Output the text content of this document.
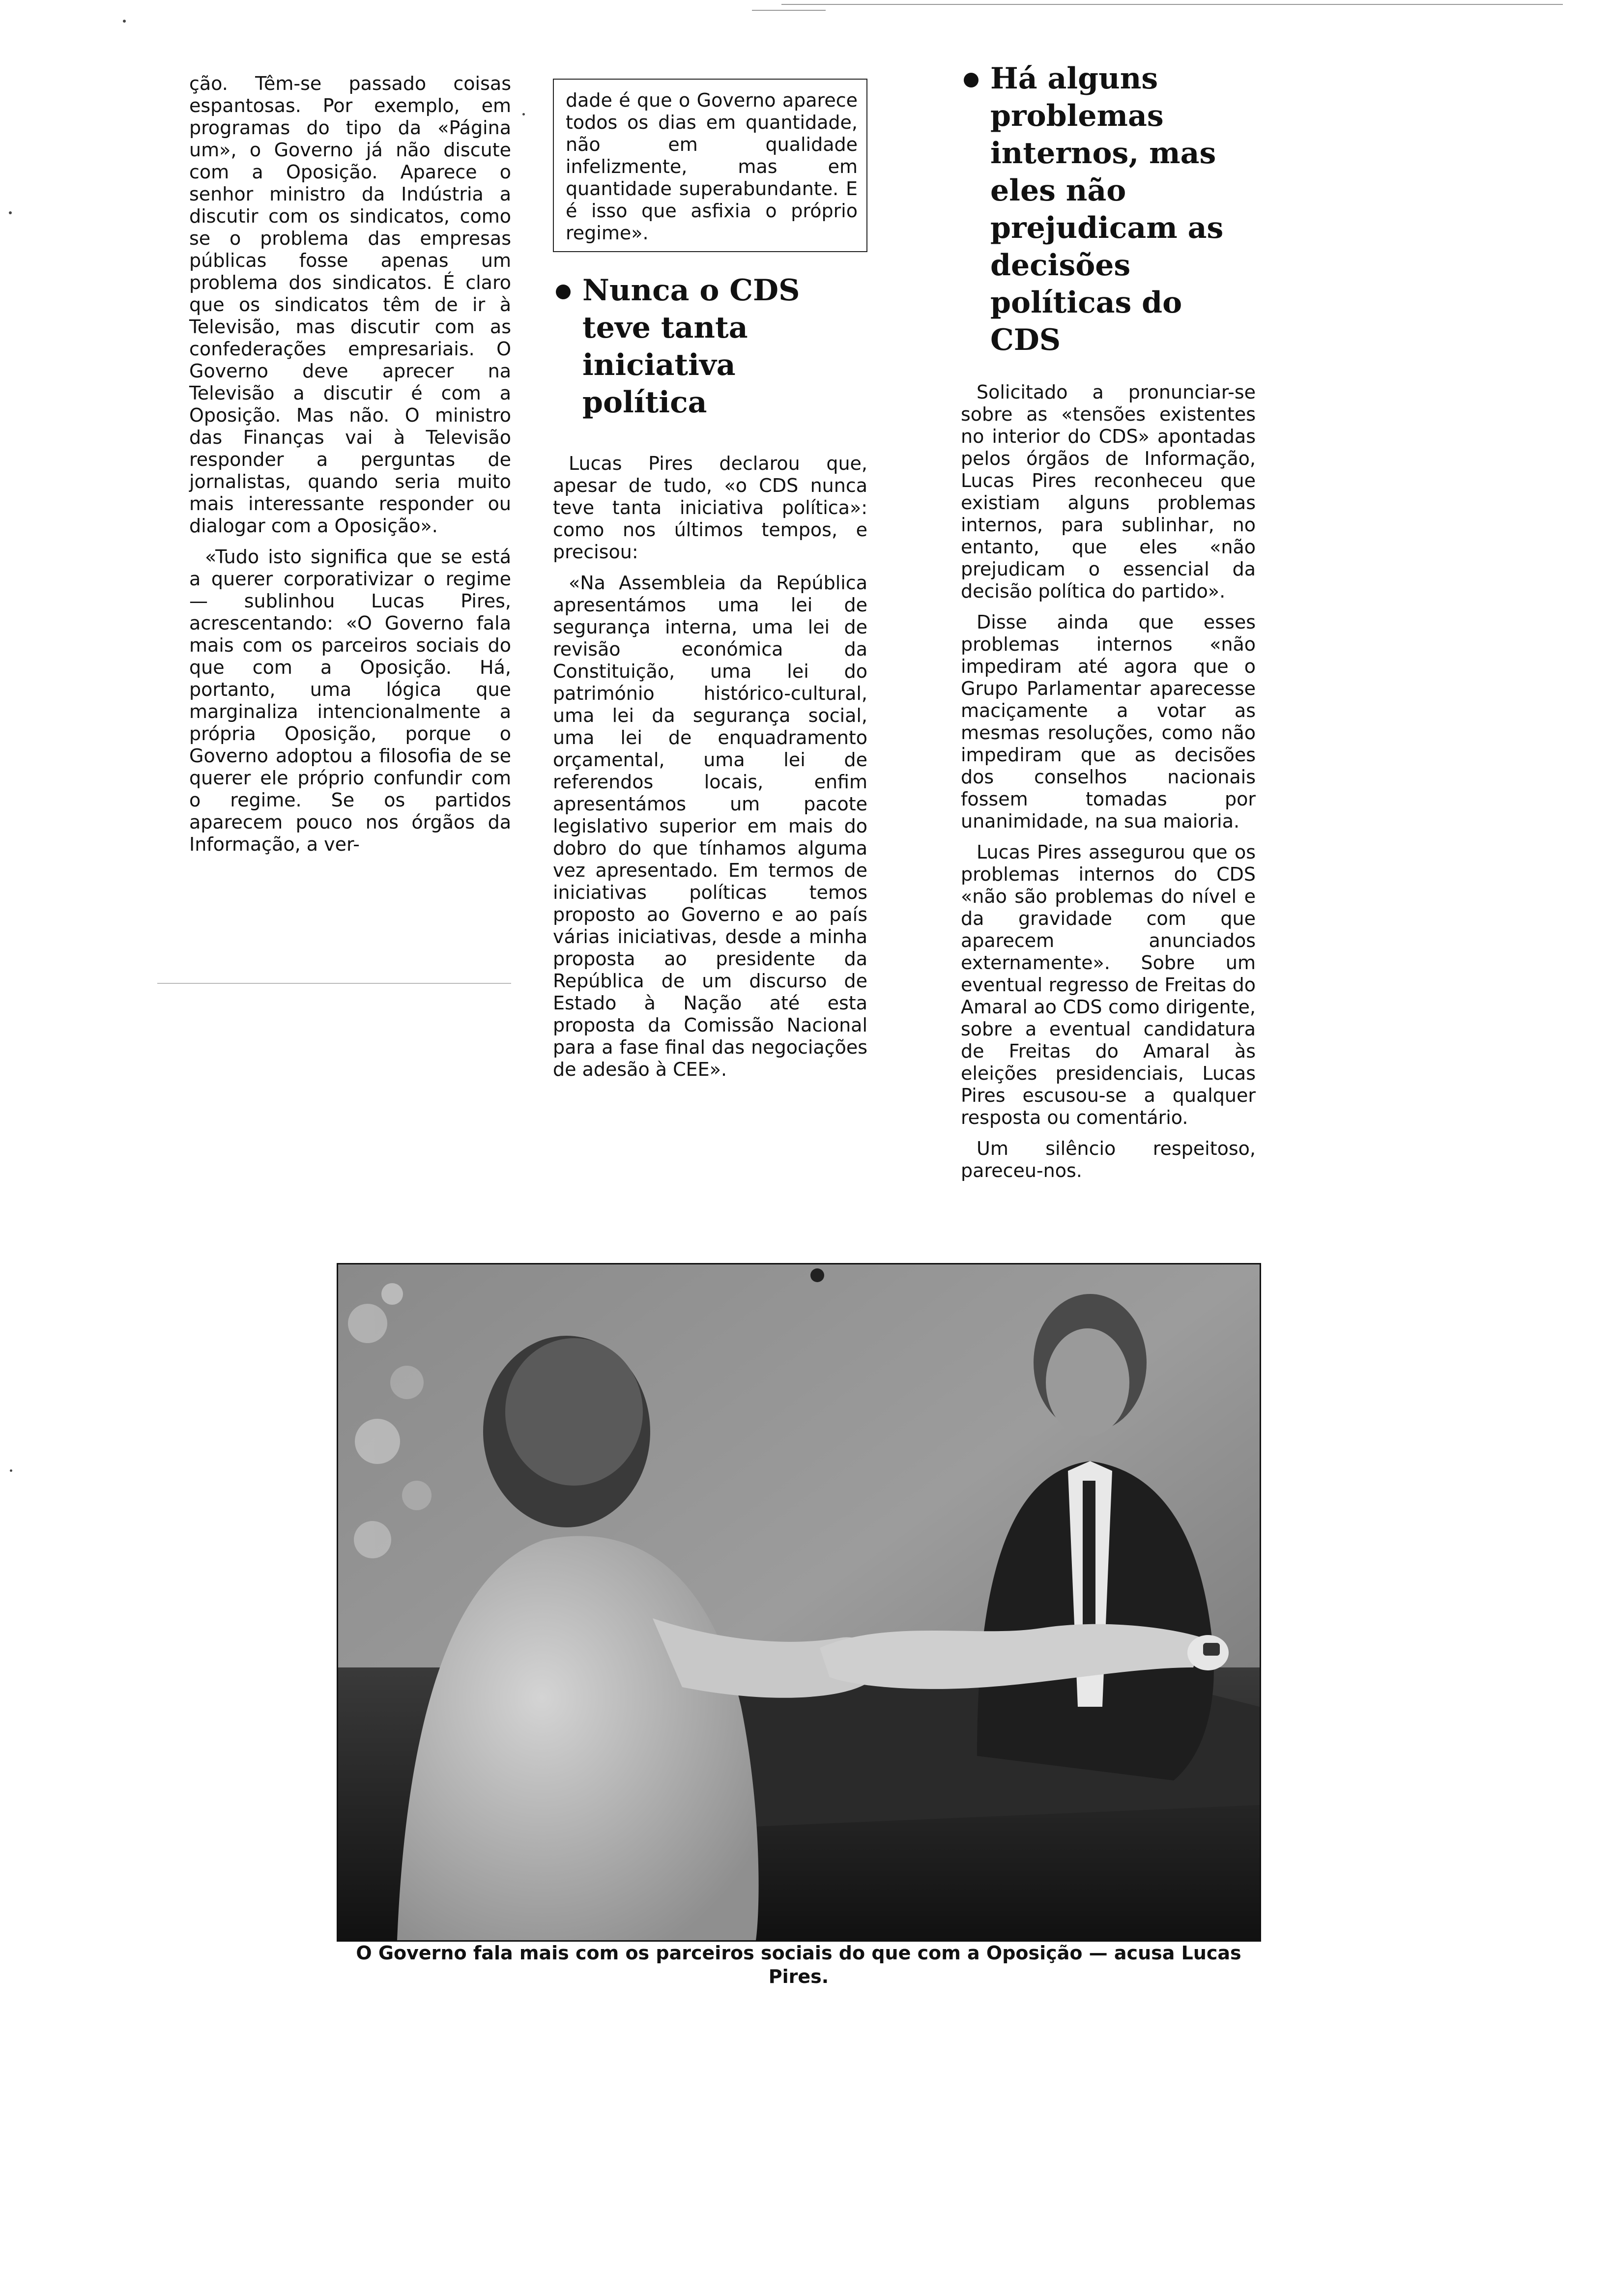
ção. Têm-se passado coisas espantosas. Por exemplo, em programas do tipo da «Página um», o Governo já não discute com a Oposição. Aparece o senhor ministro da Indústria a discutir com os sindicatos, como se o problema das empresas públicas fosse apenas um problema dos sindicatos. É claro que os sindicatos têm de ir à Televisão, mas discutir com as confederações empresariais. O Governo deve aprecer na Televisão a discutir é com a Oposição. Mas não. O ministro das Finanças vai à Televisão responder a perguntas de jornalistas, quando seria muito mais interessante responder ou dialogar com a Oposição».

«Tudo isto significa que se está a querer corporativizar o regime — sublinhou Lucas Pires, acrescentando: «O Governo fala mais com os parceiros sociais do que com a Oposição. Há, portanto, uma lógica que marginaliza intencionalmente a própria Oposição, porque o Governo adoptou a filosofia de se querer ele próprio confundir com o regime. Se os partidos aparecem pouco nos órgãos da Informação, a ver-

dade é que o Governo aparece todos os dias em quantidade, não em qualidade infelizmente, mas em quantidade superabundante. E é isso que asfixia o próprio regime».

Nunca o CDS teve tanta iniciativa política

Lucas Pires declarou que, apesar de tudo, «o CDS nunca teve tanta iniciativa política»: como nos últimos tempos, e precisou:

«Na Assembleia da República apresentámos uma lei de segurança interna, uma lei de revisão económica da Constituição, uma lei do património histórico-cultural, uma lei da segurança social, uma lei de enquadramento orçamental, uma lei de referendos locais, enfim apresentámos um pacote legislativo superior em mais do dobro do que tínhamos alguma vez apresentado. Em termos de iniciativas políticas temos proposto ao Governo e ao país várias iniciativas, desde a minha proposta ao presidente da República de um discurso de Estado à Nação até esta proposta da Comissão Nacional para a fase final das negociações de adesão à CEE».

Há alguns problemas internos, mas eles não prejudicam as decisões políticas do CDS

Solicitado a pronunciar-se sobre as «tensões existentes no interior do CDS» apontadas pelos órgãos de Informação, Lucas Pires reconheceu que existiam alguns problemas internos, para sublinhar, no entanto, que eles «não prejudicam o essencial da decisão política do partido».

Disse ainda que esses problemas internos «não impediram até agora que o Grupo Parlamentar aparecesse maciçamente a votar as mesmas resoluções, como não impediram que as decisões dos conselhos nacionais fossem tomadas por unanimidade, na sua maioria.

Lucas Pires assegurou que os problemas internos do CDS «não são problemas do nível e da gravidade com que aparecem anunciados externamente». Sobre um eventual regresso de Freitas do Amaral ao CDS como dirigente, sobre a eventual candidatura de Freitas do Amaral às eleições presidenciais, Lucas Pires escusou-se a qualquer resposta ou comentário.

Um silêncio respeitoso, pareceu-nos.

O Governo fala mais com os parceiros sociais do que com a Oposição — acusa Lucas Pires.
